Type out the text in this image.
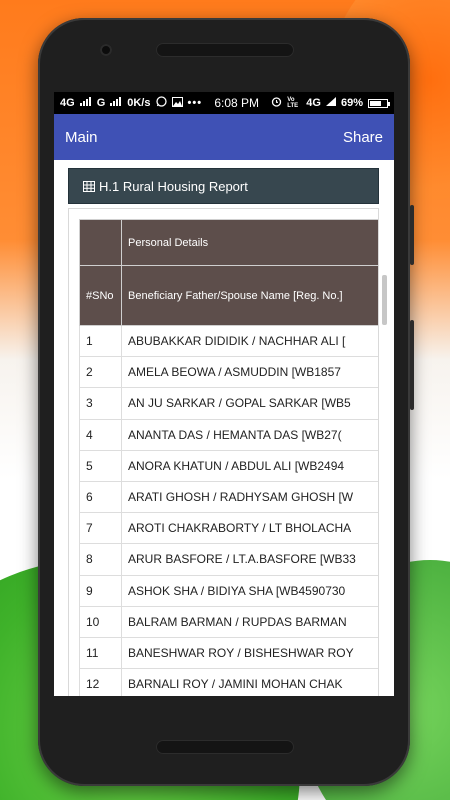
4G G 0K/s	••• 6:08 PM	Vo LTE 4G 69%
Main	Share
H.1 Rural Housing Report
	Personal Details
#SNo	Beneficiary Father/Spouse Name [Reg. No.]
1	ABUBAKKAR DIDIDIK / NACHHAR ALI [
2	AMELA BEOWA / ASMUDDIN [WB1857
3	AN JU SARKAR / GOPAL SARKAR [WB5
4	ANANTA DAS / HEMANTA DAS [WB27(
5	ANORA KHATUN / ABDUL ALI [WB2494
6	ARATI GHOSH / RADHYSAM GHOSH [W
7	AROTI CHAKRABORTY / LT BHOLACHA
8	ARUR BASFORE / LT.A.BASFORE [WB33
9	ASHOK SHA / BIDIYA SHA [WB4590730
10	BALRAM BARMAN / RUPDAS BARMAN
11	BANESHWAR ROY / BISHESHWAR ROY
12	BARNALI ROY / JAMINI MOHAN CHAK
